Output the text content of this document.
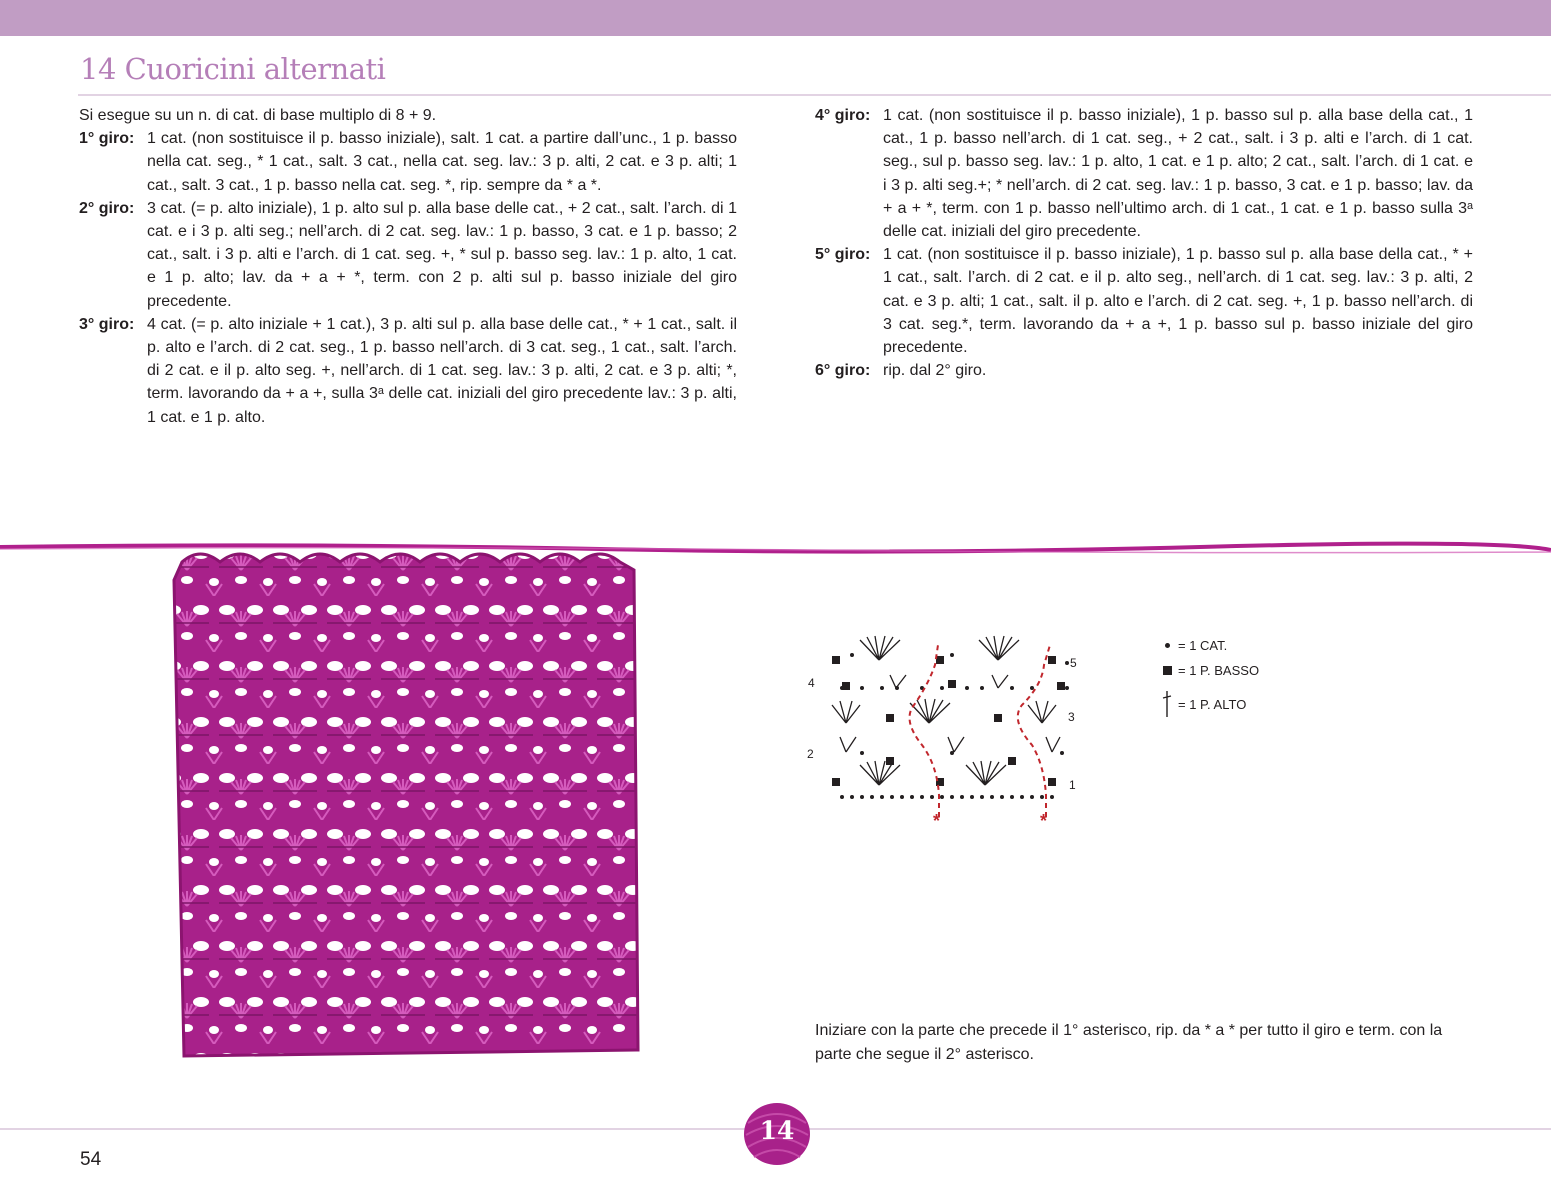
14 Cuoricini alternati

Si esegue su un n. di cat. di base multiplo di 8 + 9.

1° giro: 1 cat. (non sostituisce il p. basso iniziale), salt. 1 cat. a partire dall’unc., 1 p. basso nella cat. seg., * 1 cat., salt. 3 cat., nella cat. seg. lav.: 3 p. alti, 2 cat. e 3 p. alti; 1 cat., salt. 3 cat., 1 p. basso nella cat. seg. *, rip. sempre da * a *.
2° giro: 3 cat. (= p. alto iniziale), 1 p. alto sul p. alla base delle cat., + 2 cat., salt. l’arch. di 1 cat. e i 3 p. alti seg.; nell’arch. di 2 cat. seg. lav.: 1 p. basso, 3 cat. e 1 p. basso; 2 cat., salt. i 3 p. alti e l’arch. di 1 cat. seg. +, * sul p. basso seg. lav.: 1 p. alto, 1 cat. e 1 p. alto; lav. da + a + *, term. con 2 p. alti sul p. basso iniziale del giro precedente.
3° giro: 4 cat. (= p. alto iniziale + 1 cat.), 3 p. alti sul p. alla base delle cat., * + 1 cat., salt. il p. alto e l’arch. di 2 cat. seg., 1 p. basso nell’arch. di 3 cat. seg., 1 cat., salt. l’arch. di 2 cat. e il p. alto seg. +, nell’arch. di 1 cat. seg. lav.: 3 p. alti, 2 cat. e 3 p. alti; *, term. lavorando da + a +, sulla 3ᵃ delle cat. iniziali del giro precedente lav.: 3 p. alti, 1 cat. e 1 p. alto.
4° giro: 1 cat. (non sostituisce il p. basso iniziale), 1 p. basso sul p. alla base della cat., 1 cat., 1 p. basso nell’arch. di 1 cat. seg., + 2 cat., salt. i 3 p. alti e l’arch. di 1 cat. seg., sul p. basso seg. lav.: 1 p. alto, 1 cat. e 1 p. alto; 2 cat., salt. l’arch. di 1 cat. e i 3 p. alti seg.+; * nell’arch. di 2 cat. seg. lav.: 1 p. basso, 3 cat. e 1 p. basso; lav. da + a + *, term. con 1 p. basso nell’ultimo arch. di 1 cat., 1 cat. e 1 p. basso sulla 3ᵃ delle cat. iniziali del giro precedente.
5° giro: 1 cat. (non sostituisce il p. basso iniziale), 1 p. basso sul p. alla base della cat., * + 1 cat., salt. l’arch. di 2 cat. e il p. alto seg., nell’arch. di 1 cat. seg. lav.: 3 p. alti, 2 cat. e 3 p. alti; 1 cat., salt. il p. alto e l’arch. di 2 cat. seg. +, 1 p. basso nell’arch. di 3 cat. seg.*, term. lavorando da + a +, 1 p. basso sul p. basso iniziale del giro precedente.
6° giro: rip. dal 2° giro.
*	*
1
2
3
4
5
= 1 CAT.
= 1 P. BASSO
= 1 P. ALTO

Iniziare con la parte che precede il 1° asterisco, rip. da * a * per tutto il giro e term. con la parte che segue il 2° asterisco.

14
54
